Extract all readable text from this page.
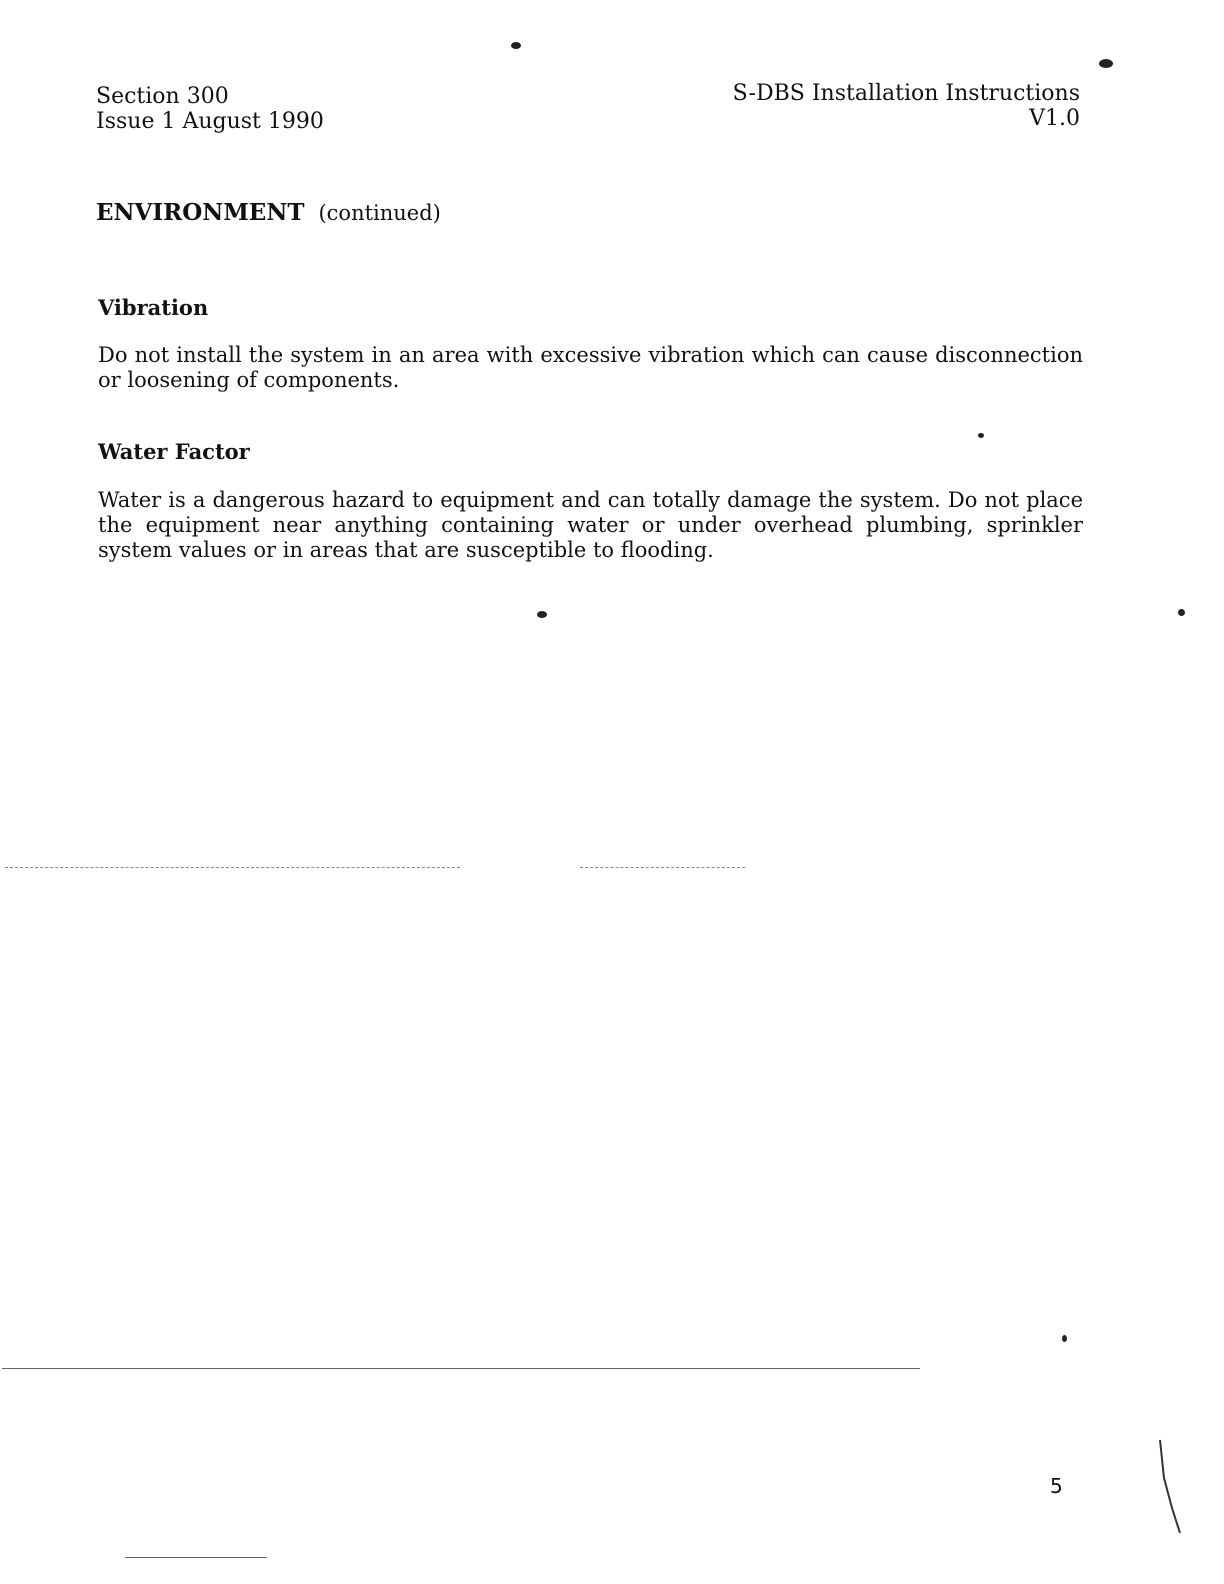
Section 300
Issue 1 August 1990
S-DBS Installation Instructions
V1.0
ENVIRONMENT (continued)
Vibration
Do not install the system in an area with excessive vibration which can cause disconnection or loosening of components.
Water Factor
Water is a dangerous hazard to equipment and can totally damage the system. Do not place the equipment near anything containing water or under overhead plumbing, sprinkler system values or in areas that are susceptible to flooding.
5
